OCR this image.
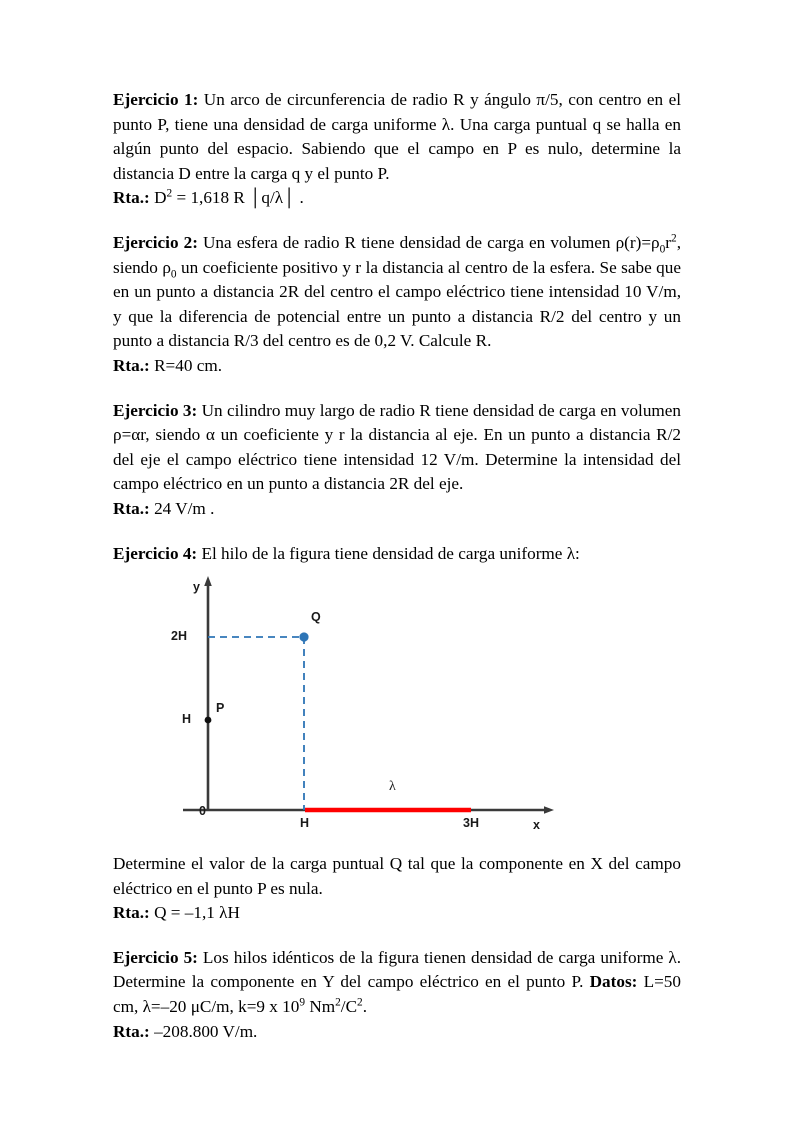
Ejercicio 1: Un arco de circunferencia de radio R y ángulo π/5, con centro en el punto P, tiene una densidad de carga uniforme λ. Una carga puntual q se halla en algún punto del espacio. Sabiendo que el campo en P es nulo, determine la distancia D entre la carga q y el punto P.
Rta.: $D^2 = 1,618$ R │q/λ│ .

Ejercicio 2: Una esfera de radio R tiene densidad de carga en volumen $\rho(r)=\rho_0r^2$, siendo $\rho_0$ un coeficiente positivo y r la distancia al centro de la esfera. Se sabe que en un punto a distancia 2R del centro el campo eléctrico tiene intensidad 10 V/m, y que la diferencia de potencial entre un punto a distancia R/2 del centro y un punto a distancia R/3 del centro es de 0,2 V. Calcule R.
Rta.: R=40 cm.

Ejercicio 3: Un cilindro muy largo de radio R tiene densidad de carga en volumen ρ=αr, siendo α un coeficiente y r la distancia al eje. En un punto a distancia R/2 del eje el campo eléctrico tiene intensidad 12 V/m. Determine la intensidad del campo eléctrico en un punto a distancia 2R del eje.
Rta.: 24 V/m .

Ejercicio 4: El hilo de la figura tiene densidad de carga uniforme λ:

y
x
0
2H
H
H	3H
Q
P
λ

Determine el valor de la carga puntual Q tal que la componente en X del campo eléctrico en el punto P es nula.
Rta.: Q = –1,1 λH

Ejercicio 5: Los hilos idénticos de la figura tienen densidad de carga uniforme λ. Determine la componente en Y del campo eléctrico en el punto P. Datos: L=50 cm, λ=–20 μC/m, k=9 x $10^9$ $Nm^2/C^2$.
Rta.: –208.800 V/m.
